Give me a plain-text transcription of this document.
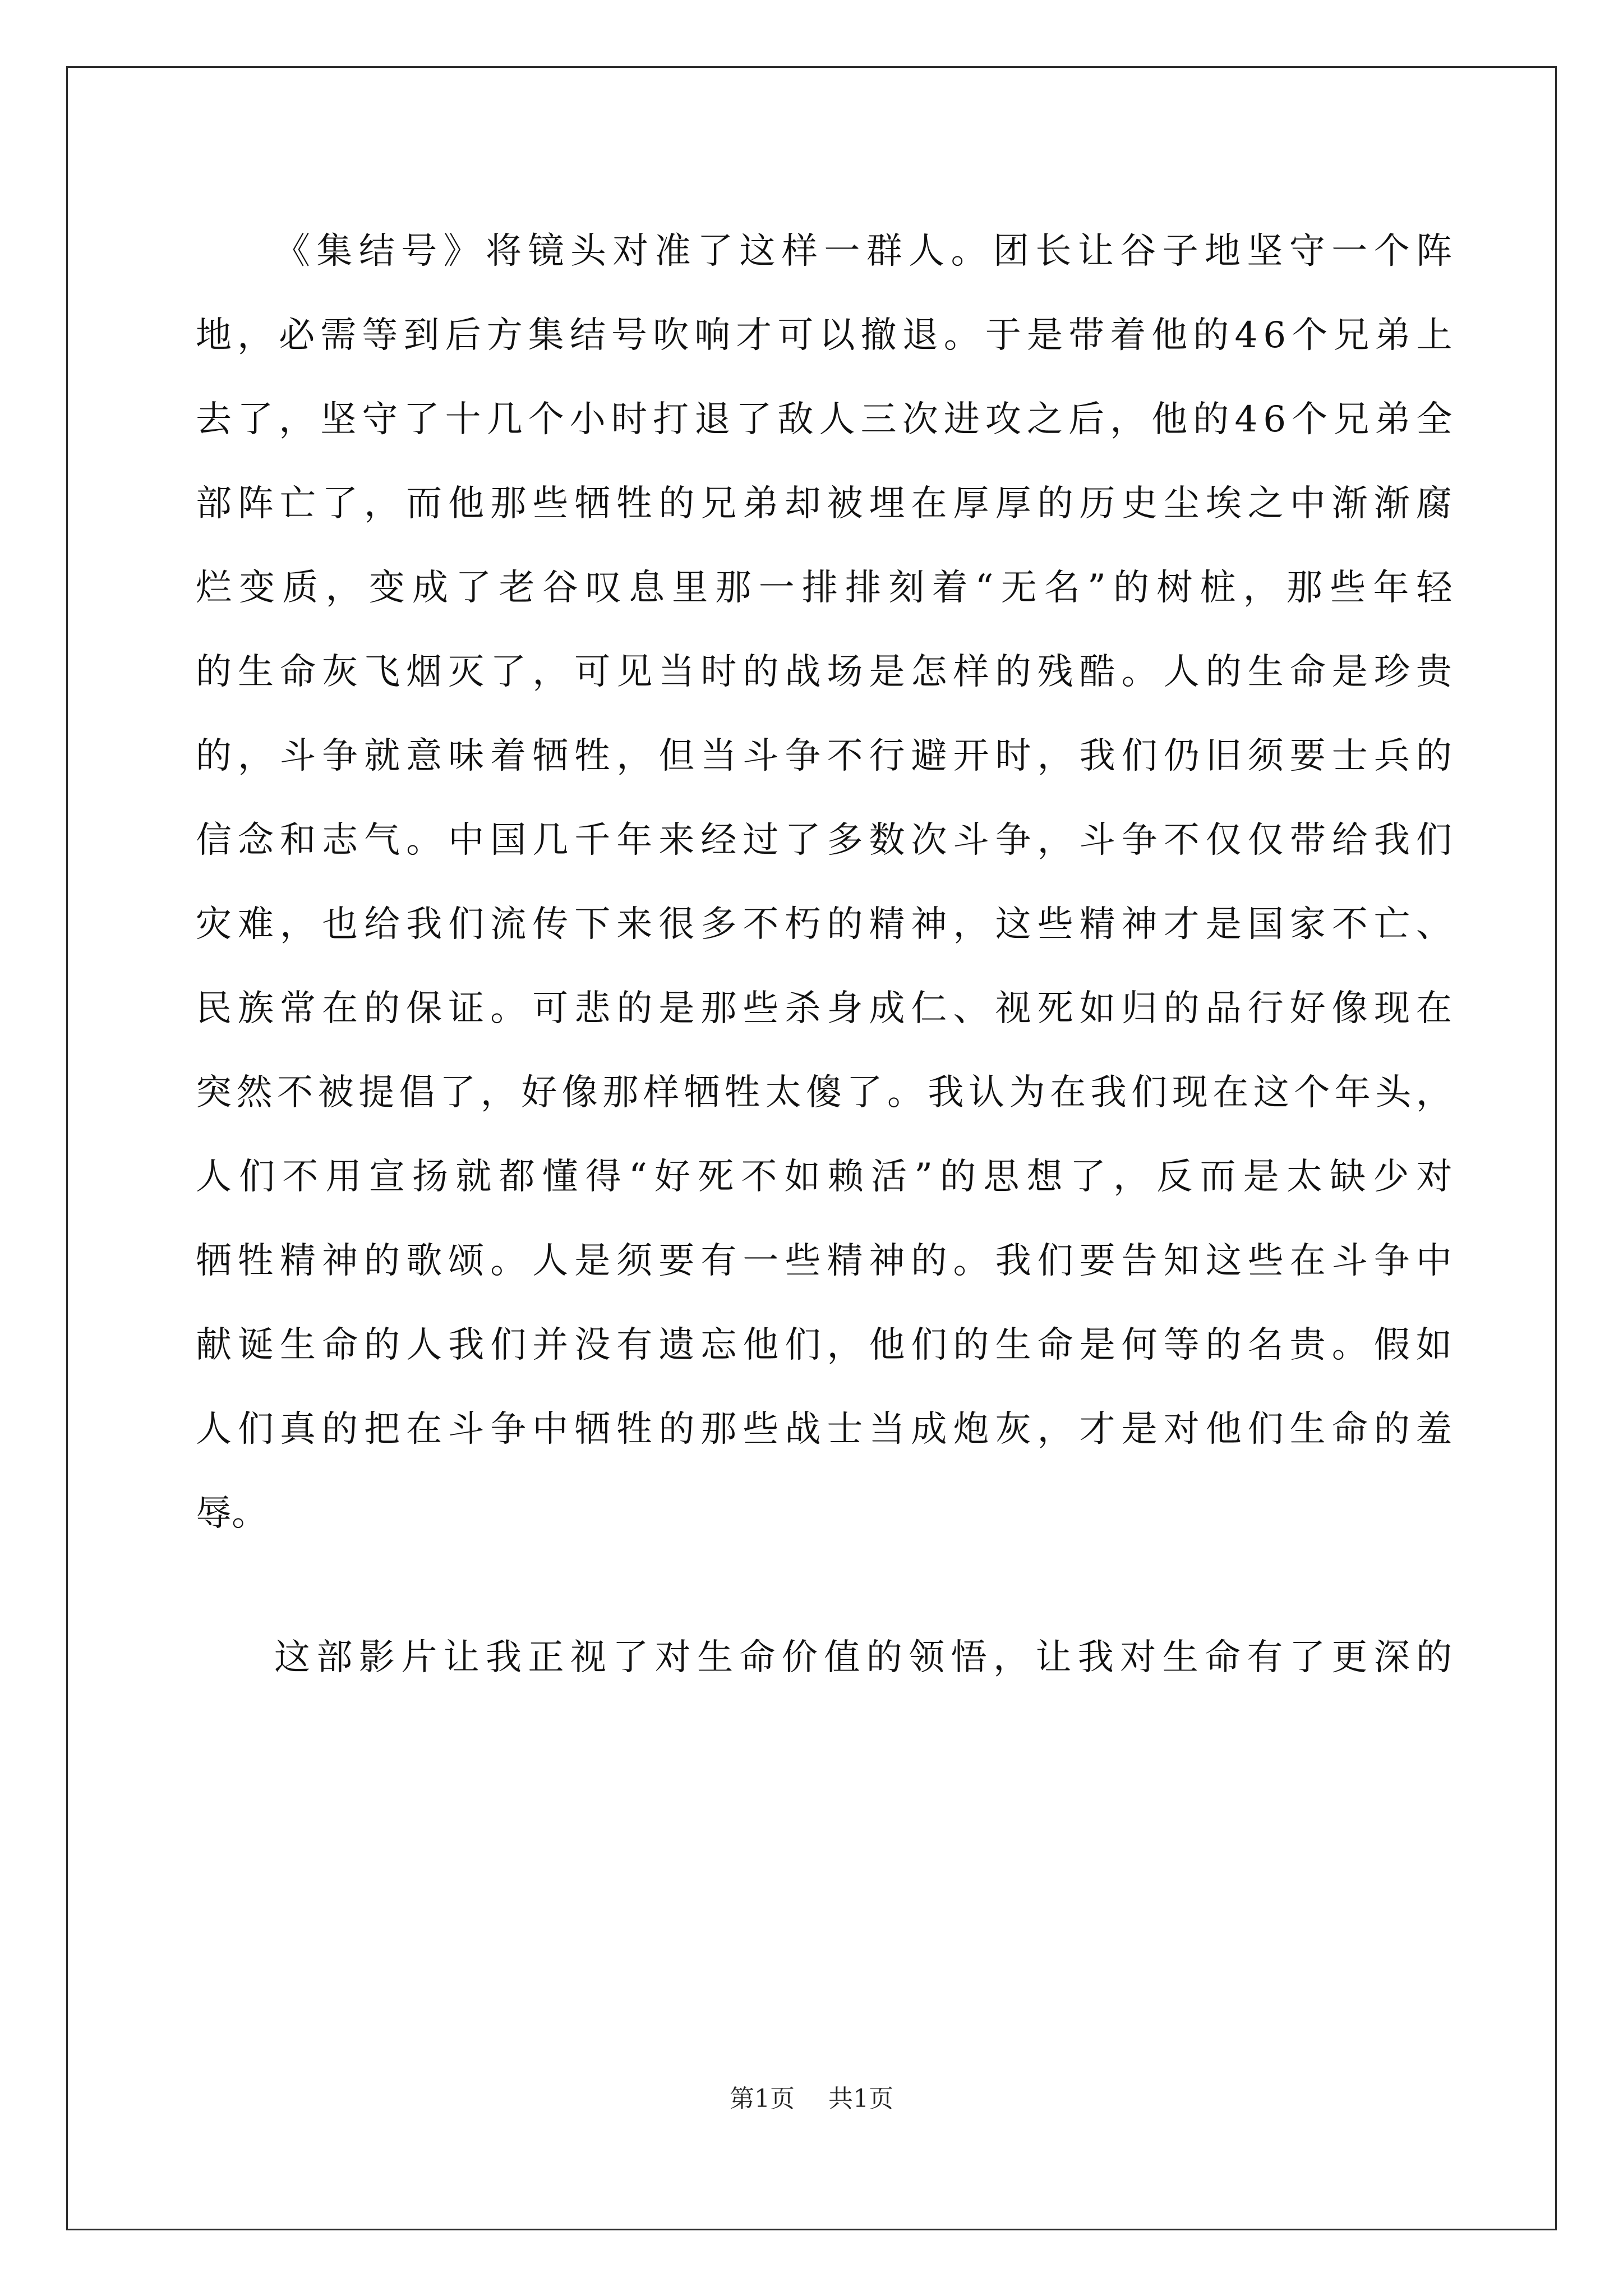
《集结号》将镜头对准了这样一群人。团长让谷子地坚守一个阵
地，必需等到后方集结号吹响才可以撤退。于是带着他的46个兄弟上
去了，坚守了十几个小时打退了敌人三次进攻之后，他的46个兄弟全
部阵亡了，而他那些牺牲的兄弟却被埋在厚厚的历史尘埃之中渐渐腐
烂变质，变成了老谷叹息里那一排排刻着“无名”的树桩，那些年轻
的生命灰飞烟灭了，可见当时的战场是怎样的残酷。人的生命是珍贵
的，斗争就意味着牺牲，但当斗争不行避开时，我们仍旧须要士兵的
信念和志气。中国几千年来经过了多数次斗争，斗争不仅仅带给我们
灾难，也给我们流传下来很多不朽的精神，这些精神才是国家不亡、
民族常在的保证。可悲的是那些杀身成仁、视死如归的品行好像现在
突然不被提倡了，好像那样牺牲太傻了。我认为在我们现在这个年头，
人们不用宣扬就都懂得“好死不如赖活”的思想了，反而是太缺少对
牺牲精神的歌颂。人是须要有一些精神的。我们要告知这些在斗争中
献诞生命的人我们并没有遗忘他们，他们的生命是何等的名贵。假如
人们真的把在斗争中牺牲的那些战士当成炮灰，才是对他们生命的羞
辱。
这部影片让我正视了对生命价值的领悟，让我对生命有了更深的
第1页 共1页
